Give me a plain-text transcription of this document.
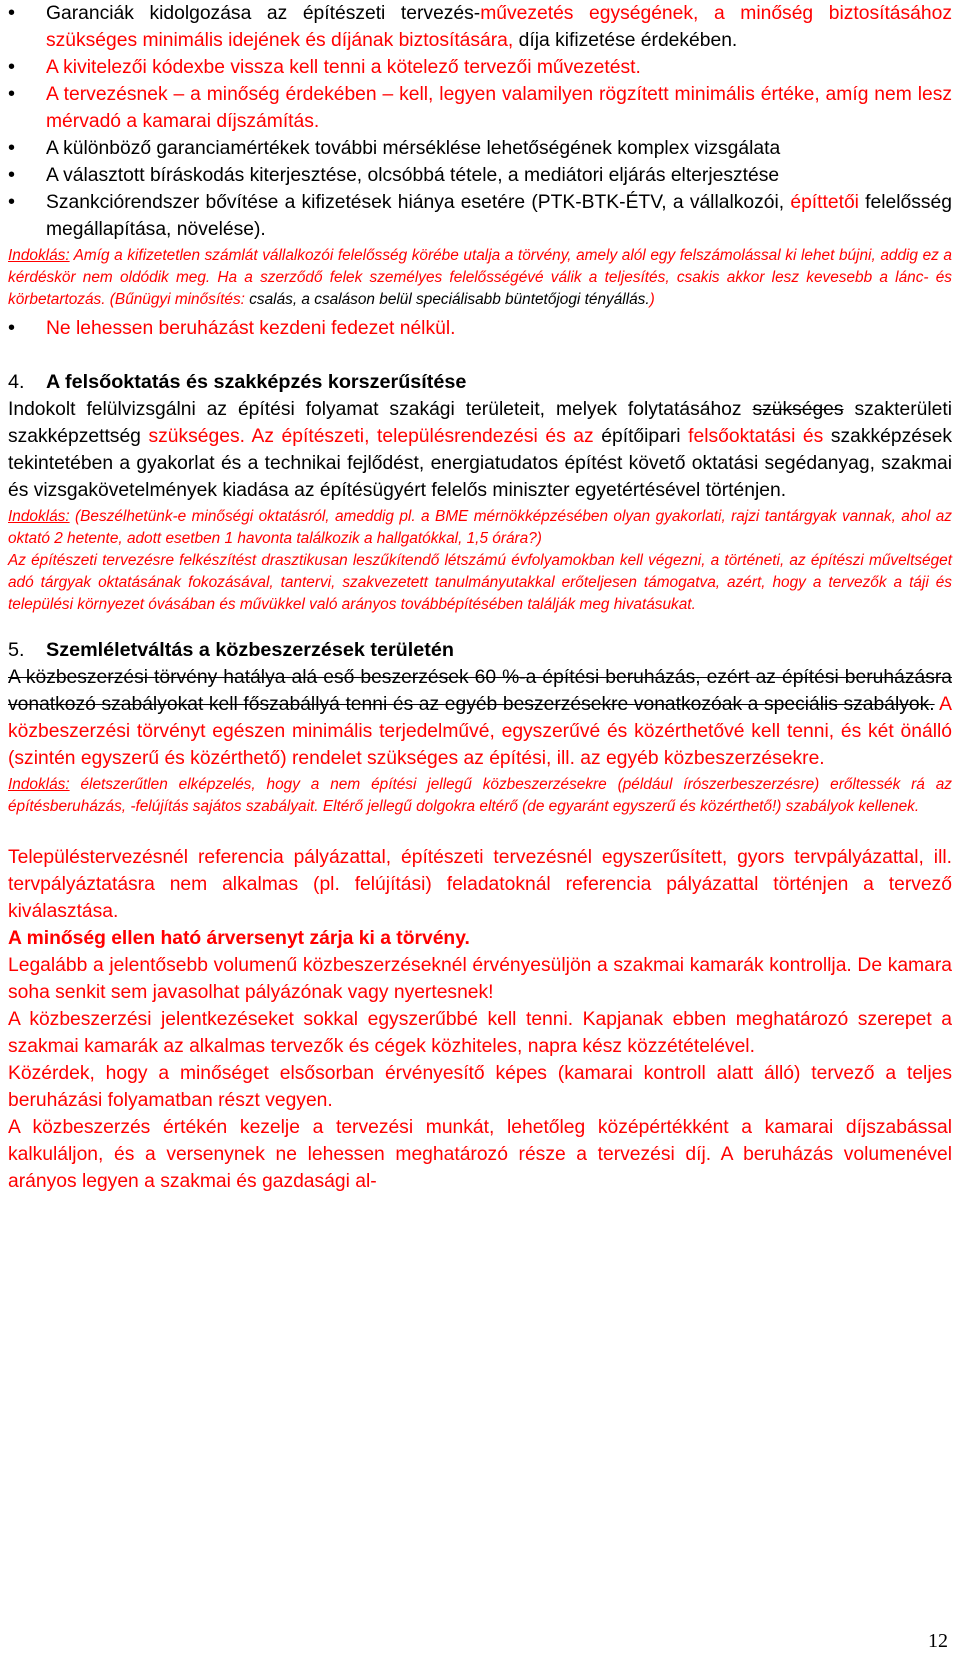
• Garanciák kidolgozása az építészeti tervezés-művezetés egységének, a minőség biztosításához szükséges minimális idejének és díjának biztosítására, díja kifizetése érdekében.
• A kivitelezői kódexbe vissza kell tenni a kötelező tervezői művezetést.
• A tervezésnek – a minőség érdekében – kell, legyen valamilyen rögzített minimális értéke, amíg nem lesz mérvadó a kamarai díjszámítás.
• A különböző garanciamértékek további mérséklése lehetőségének komplex vizsgálata
• A választott bíráskodás kiterjesztése, olcsóbbá tétele, a mediátori eljárás elterjesztése
• Szankciórendszer bővítése a kifizetések hiánya esetére (PTK-BTK-ÉTV, a vállalkozói, építtetői felelősség megállapítása, növelése).

Indoklás: Amíg a kifizetetlen számlát vállalkozói felelősség körébe utalja a törvény, amely alól egy felszámolással ki lehet bújni, addig ez a kérdéskör nem oldódik meg. Ha a szerződő felek személyes felelősségévé válik a teljesítés, csakis akkor lesz kevesebb a lánc- és körbetartozás. (Bűnügyi minősítés: csalás, a csaláson belül speciálisabb büntetőjogi tényállás.)

• Ne lehessen beruházást kezdeni fedezet nélkül.

4. A felsőoktatás és szakképzés korszerűsítése

Indokolt felülvizsgálni az építési folyamat szakági területeit, melyek folytatásához szükséges szakterületi szakképzettség szükséges. Az építészeti, településrendezési és az építőipari felsőoktatási és szakképzések tekintetében a gyakorlat és a technikai fejlődést, energiatudatos építést követő oktatási segédanyag, szakmai és vizsgakövetelmények kiadása az építésügyért felelős miniszter egyetértésével történjen.

Indoklás: (Beszélhetünk-e minőségi oktatásról, ameddig pl. a BME mérnökképzésében olyan gyakorlati, rajzi tantárgyak vannak, ahol az oktató 2 hetente, adott esetben 1 havonta találkozik a hallgatókkal, 1,5 órára?)

Az építészeti tervezésre felkészítést drasztikusan leszűkítendő létszámú évfolyamokban kell végezni, a történeti, az építészi műveltséget adó tárgyak oktatásának fokozásával, tantervi, szakvezetett tanulmányutakkal erőteljesen támogatva, azért, hogy a tervezők a táji és települési környezet óvásában és művükkel való arányos továbbépítésében találják meg hivatásukat.

5. Szemléletváltás a közbeszerzések területén

A közbeszerzési törvény hatálya alá eső beszerzések 60 %-a építési beruházás, ezért az építési beruházásra vonatkozó szabályokat kell főszabállyá tenni és az egyéb beszerzésekre vonatkozóak a speciális szabályok. A közbeszerzési törvényt egészen minimális terjedelművé, egyszerűvé és közérthetővé kell tenni, és két önálló (szintén egyszerű és közérthető) rendelet szükséges az építési, ill. az egyéb közbeszerzésekre.

Indoklás: életszerűtlen elképzelés, hogy a nem építési jellegű közbeszerzésekre (például írószerbeszerzésre) erőltessék rá az építésberuházás, -felújítás sajátos szabályait. Eltérő jellegű dolgokra eltérő (de egyaránt egyszerű és közérthető!) szabályok kellenek.

Településtervezésnél referencia pályázattal, építészeti tervezésnél egyszerűsített, gyors tervpályázattal, ill. tervpályáztatásra nem alkalmas (pl. felújítási) feladatoknál referencia pályázattal történjen a tervező kiválasztása.

A minőség ellen ható árversenyt zárja ki a törvény.

Legalább a jelentősebb volumenű közbeszerzéseknél érvényesüljön a szakmai kamarák kontrollja. De kamara soha senkit sem javasolhat pályázónak vagy nyertesnek!

A közbeszerzési jelentkezéseket sokkal egyszerűbbé kell tenni. Kapjanak ebben meghatározó szerepet a szakmai kamarák az alkalmas tervezők és cégek közhiteles, napra kész közzétételével.

Közérdek, hogy a minőséget elsősorban érvényesítő képes (kamarai kontroll alatt álló) tervező a teljes beruházási folyamatban részt vegyen.

A közbeszerzés értékén kezelje a tervezési munkát, lehetőleg középértékként a kamarai díjszabással kalkuláljon, és a versenynek ne lehessen meghatározó része a tervezési díj. A beruházás volumenével arányos legyen a szakmai és gazdasági al-

12
